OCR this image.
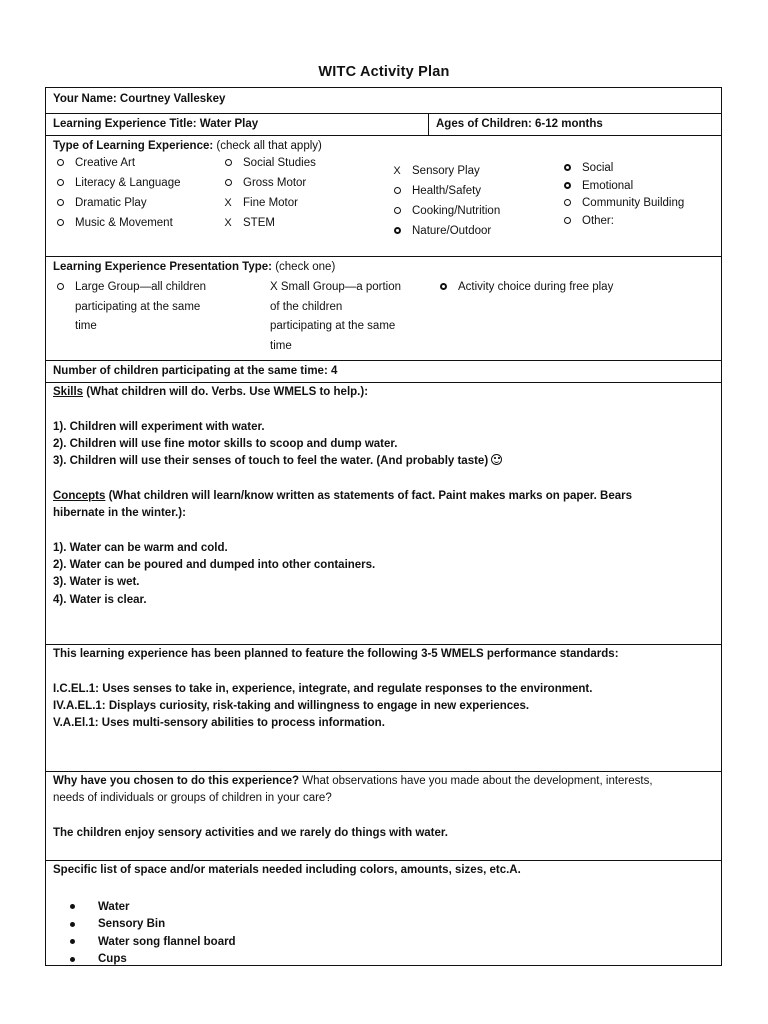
WITC Activity Plan
Your Name: Courtney Valleskey
Learning Experience Title: Water Play	Ages of Children: 6-12 months
Type of Learning Experience: (check all that apply)
Creative Art
Literacy & Language
Dramatic Play
Music & Movement
Social Studies
Gross Motor
X Fine Motor
X STEM
X Sensory Play
Health/Safety
Cooking/Nutrition
Nature/Outdoor
Social
Emotional
Community Building
Other:
Learning Experience Presentation Type: (check one)
Large Group—all children
participating at the same
time
X Small Group—a portion
of the children
participating at the same
time
Activity choice during free play
Number of children participating at the same time: 4
Skills (What children will do. Verbs. Use WMELS to help.):
1). Children will experiment with water.
2). Children will use fine motor skills to scoop and dump water.
3). Children will use their senses of touch to feel the water. (And probably taste)
Concepts (What children will learn/know written as statements of fact. Paint makes marks on paper. Bears
hibernate in the winter.):
1). Water can be warm and cold.
2). Water can be poured and dumped into other containers.
3). Water is wet.
4). Water is clear.
This learning experience has been planned to feature the following 3-5 WMELS performance standards:
I.C.EL.1: Uses senses to take in, experience, integrate, and regulate responses to the environment.
IV.A.EL.1: Displays curiosity, risk-taking and willingness to engage in new experiences.
V.A.El.1: Uses multi-sensory abilities to process information.
Why have you chosen to do this experience? What observations have you made about the development, interests,
needs of individuals or groups of children in your care?
The children enjoy sensory activities and we rarely do things with water.
Specific list of space and/or materials needed including colors, amounts, sizes, etc.A.
Water
Sensory Bin
Water song flannel board
Cups
